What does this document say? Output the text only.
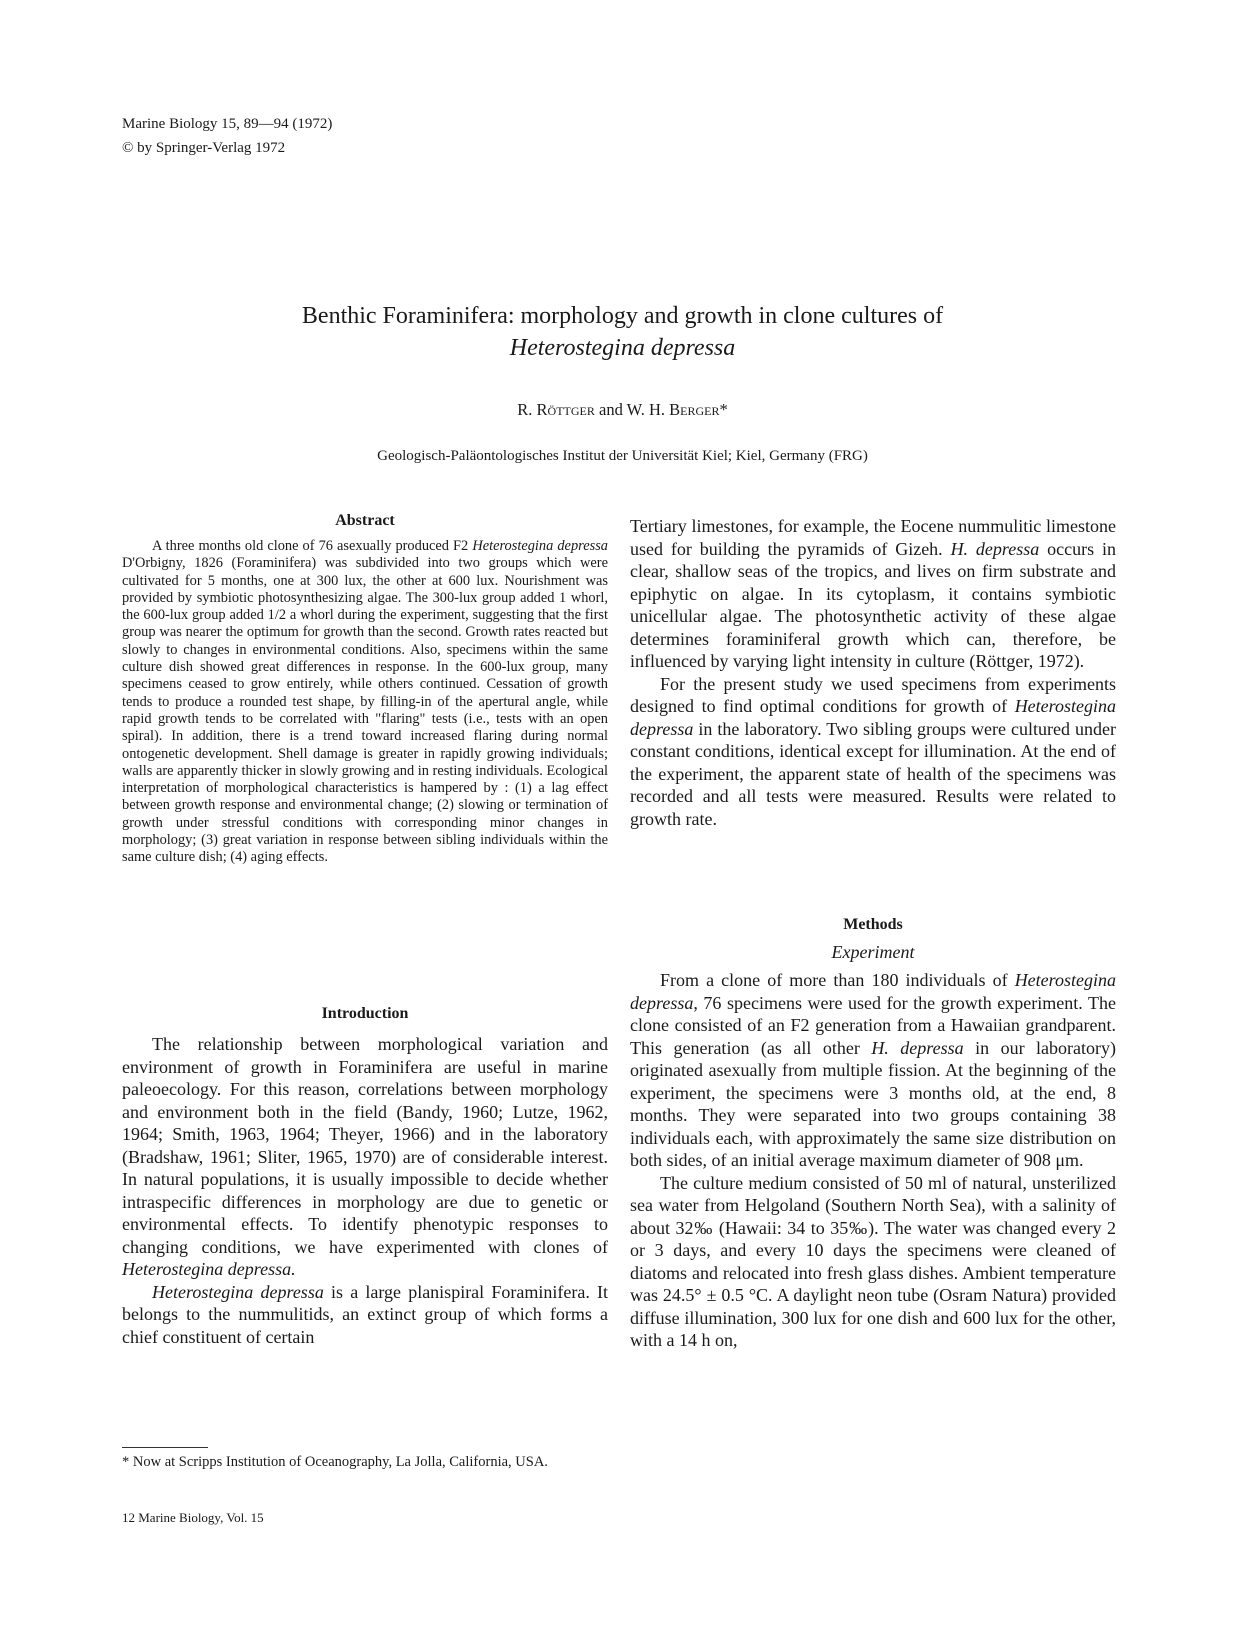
Marine Biology 15, 89—94 (1972)
© by Springer-Verlag 1972
Benthic Foraminifera: morphology and growth in clone cultures of
Heterostegina depressa
R. Röttger and W. H. Berger*
Geologisch-Paläontologisches Institut der Universität Kiel; Kiel, Germany (FRG)
Abstract

A three months old clone of 76 asexually produced F2 Heterostegina depressa D'Orbigny, 1826 (Foraminifera) was subdivided into two groups which were cultivated for 5 months, one at 300 lux, the other at 600 lux. Nourishment was provided by symbiotic photosynthesizing algae. The 300-lux group added 1 whorl, the 600-lux group added 1/2 a whorl during the experiment, suggesting that the first group was nearer the optimum for growth than the second. Growth rates reacted but slowly to changes in environmental conditions. Also, specimens within the same culture dish showed great differences in response. In the 600-lux group, many specimens ceased to grow entirely, while others continued. Cessation of growth tends to produce a rounded test shape, by filling-in of the apertural angle, while rapid growth tends to be correlated with "flaring" tests (i.e., tests with an open spiral). In addition, there is a trend toward increased flaring during normal ontogenetic development. Shell damage is greater in rapidly growing individuals; walls are apparently thicker in slowly growing and in resting individuals. Ecological interpretation of morphological characteristics is hampered by : (1) a lag effect between growth response and environmental change; (2) slowing or termination of growth under stressful conditions with corresponding minor changes in morphology; (3) great variation in response between sibling individuals within the same culture dish; (4) aging effects.

Introduction

The relationship between morphological variation and environment of growth in Foraminifera are useful in marine paleoecology. For this reason, correlations between morphology and environment both in the field (Bandy, 1960; Lutze, 1962, 1964; Smith, 1963, 1964; Theyer, 1966) and in the laboratory (Bradshaw, 1961; Sliter, 1965, 1970) are of considerable interest. In natural populations, it is usually impossible to decide whether intraspecific differences in morphology are due to genetic or environmental effects. To identify phenotypic responses to changing conditions, we have experimented with clones of Heterostegina depressa.

Heterostegina depressa is a large planispiral Foraminifera. It belongs to the nummulitids, an extinct group of which forms a chief constituent of certain

* Now at Scripps Institution of Oceanography, La Jolla, California, USA.
12 Marine Biology, Vol. 15

Tertiary limestones, for example, the Eocene nummulitic limestone used for building the pyramids of Gizeh. H. depressa occurs in clear, shallow seas of the tropics, and lives on firm substrate and epiphytic on algae. In its cytoplasm, it contains symbiotic unicellular algae. The photosynthetic activity of these algae determines foraminiferal growth which can, therefore, be influenced by varying light intensity in culture (Röttger, 1972).

For the present study we used specimens from experiments designed to find optimal conditions for growth of Heterostegina depressa in the laboratory. Two sibling groups were cultured under constant conditions, identical except for illumination. At the end of the experiment, the apparent state of health of the specimens was recorded and all tests were measured. Results were related to growth rate.

Methods
Experiment

From a clone of more than 180 individuals of Heterostegina depressa, 76 specimens were used for the growth experiment. The clone consisted of an F2 generation from a Hawaiian grandparent. This generation (as all other H. depressa in our laboratory) originated asexually from multiple fission. At the beginning of the experiment, the specimens were 3 months old, at the end, 8 months. They were separated into two groups containing 38 individuals each, with approximately the same size distribution on both sides, of an initial average maximum diameter of 908 μm.

The culture medium consisted of 50 ml of natural, unsterilized sea water from Helgoland (Southern North Sea), with a salinity of about 32‰ (Hawaii: 34 to 35‰). The water was changed every 2 or 3 days, and every 10 days the specimens were cleaned of diatoms and relocated into fresh glass dishes. Ambient temperature was 24.5° ± 0.5 °C. A daylight neon tube (Osram Natura) provided diffuse illumination, 300 lux for one dish and 600 lux for the other, with a 14 h on,
